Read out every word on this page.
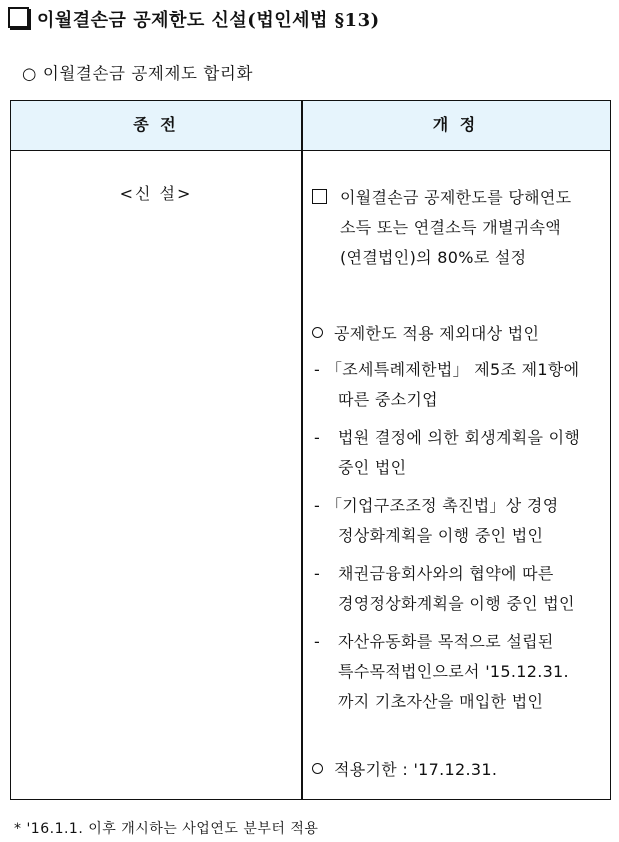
이월결손금 공제한도 신설(법인세법 §13)
○ 이월결손금 공제제도 합리화
종 전	개 정
<신 설>	이월결손금 공제한도를 당해연도
소득 또는 연결소득 개별귀속액
(연결법인)의 80%로 설정
공제한도 적용 제외대상 법인
- 「조세특례제한법」 제5조 제1항에
따른 중소기업
-	법원 결정에 의한 회생계획을 이행
중인 법인
- 「기업구조조정 촉진법」상 경영
정상화계획을 이행 중인 법인
-	채권금융회사와의 협약에 따른
경영정상화계획을 이행 중인 법인
-	자산유동화를 목적으로 설립된
특수목적법인으로서 '15.12.31.
까지 기초자산을 매입한 법인
적용기한 : '17.12.31.
* '16.1.1. 이후 개시하는 사업연도 분부터 적용
